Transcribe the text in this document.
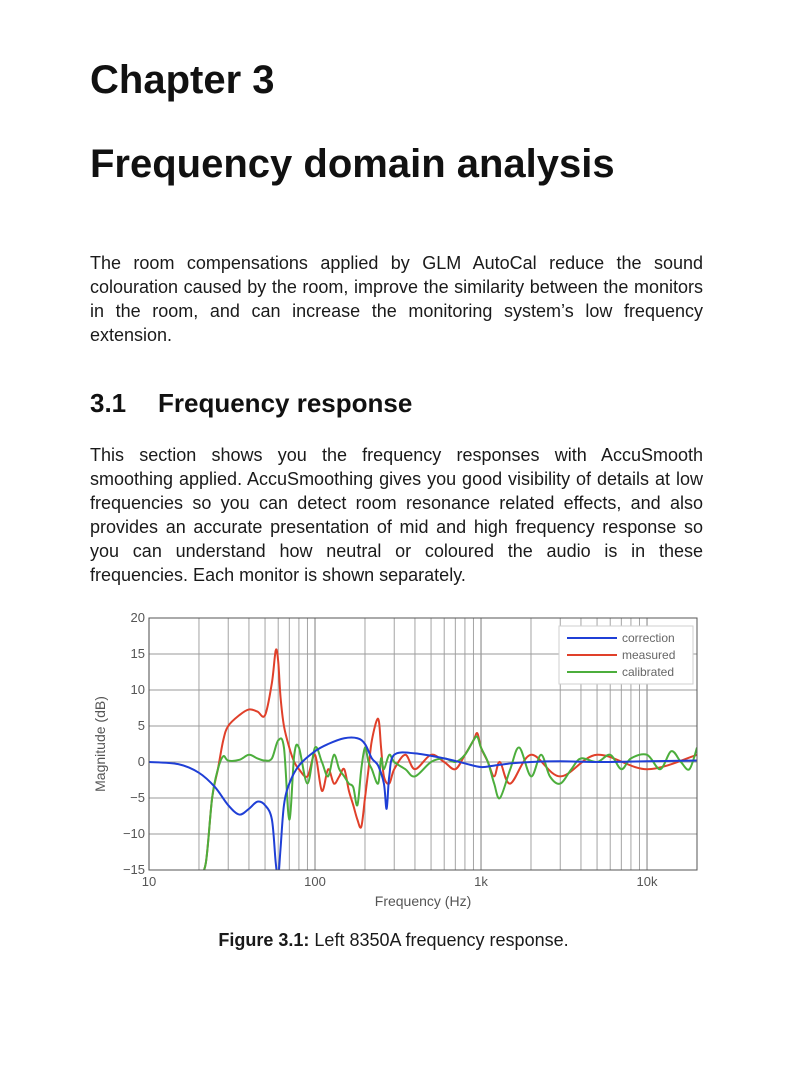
Chapter 3
Frequency domain analysis

The room compensations applied by GLM AutoCal reduce the sound colouration caused by the room, improve the similarity between the monitors in the room, and can increase the monitoring system’s low frequency extension.

3.1 Frequency response

This section shows you the frequency responses with AccuSmooth smoothing applied. AccuSmoothing gives you good visibility of details at low frequencies so you can detect room resonance related effects, and also provides an accurate presentation of mid and high frequency response so you can understand how neutral or coloured the audio is in these frequencies. Each monitor is shown separately.

20
15
10
5
0
−5
−10
−15
10	100	1k	10k
Frequency (Hz)
Magnitude (dB)
correction
measured
calibrated
Figure 3.1: Left 8350A frequency response.
